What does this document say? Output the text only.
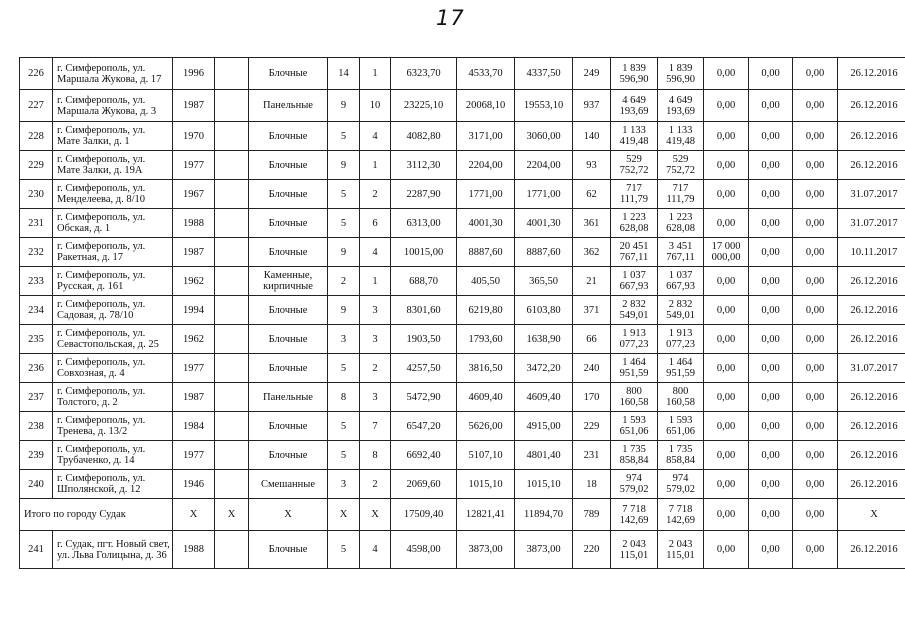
17
226	г. Симферополь, ул. Маршала Жукова, д. 17	1996		Блочные	14	1	6323,70	4533,70	4337,50	249	1 839 596,90	1 839 596,90	0,00	0,00	0,00	26.12.2016
227	г. Симферополь, ул. Маршала Жукова, д. 3	1987		Панельные	9	10	23225,10	20068,10	19553,10	937	4 649 193,69	4 649 193,69	0,00	0,00	0,00	26.12.2016
228	г. Симферополь, ул. Мате Залки, д. 1	1970		Блочные	5	4	4082,80	3171,00	3060,00	140	1 133 419,48	1 133 419,48	0,00	0,00	0,00	26.12.2016
229	г. Симферополь, ул. Мате Залки, д. 19А	1977		Блочные	9	1	3112,30	2204,00	2204,00	93	529 752,72	529 752,72	0,00	0,00	0,00	26.12.2016
230	г. Симферополь, ул. Менделеева, д. 8/10	1967		Блочные	5	2	2287,90	1771,00	1771,00	62	717 111,79	717 111,79	0,00	0,00	0,00	31.07.2017
231	г. Симферополь, ул. Обская, д. 1	1988		Блочные	5	6	6313,00	4001,30	4001,30	361	1 223 628,08	1 223 628,08	0,00	0,00	0,00	31.07.2017
232	г. Симферополь, ул. Ракетная, д. 17	1987		Блочные	9	4	10015,00	8887,60	8887,60	362	20 451 767,11	3 451 767,11	17 000 000,00	0,00	0,00	10.11.2017
233	г. Симферополь, ул. Русская, д. 161	1962		Каменные, кирпичные	2	1	688,70	405,50	365,50	21	1 037 667,93	1 037 667,93	0,00	0,00	0,00	26.12.2016
234	г. Симферополь, ул. Садовая, д. 78/10	1994		Блочные	9	3	8301,60	6219,80	6103,80	371	2 832 549,01	2 832 549,01	0,00	0,00	0,00	26.12.2016
235	г. Симферополь, ул. Севастопольская, д. 25	1962		Блочные	3	3	1903,50	1793,60	1638,90	66	1 913 077,23	1 913 077,23	0,00	0,00	0,00	26.12.2016
236	г. Симферополь, ул. Совхозная, д. 4	1977		Блочные	5	2	4257,50	3816,50	3472,20	240	1 464 951,59	1 464 951,59	0,00	0,00	0,00	31.07.2017
237	г. Симферополь, ул. Толстого, д. 2	1987		Панельные	8	3	5472,90	4609,40	4609,40	170	800 160,58	800 160,58	0,00	0,00	0,00	26.12.2016
238	г. Симферополь, ул. Тренева, д. 13/2	1984		Блочные	5	7	6547,20	5626,00	4915,00	229	1 593 651,06	1 593 651,06	0,00	0,00	0,00	26.12.2016
239	г. Симферополь, ул. Трубаченко, д. 14	1977		Блочные	5	8	6692,40	5107,10	4801,40	231	1 735 858,84	1 735 858,84	0,00	0,00	0,00	26.12.2016
240	г. Симферополь, ул. Шполянской, д. 12	1946		Смешанные	3	2	2069,60	1015,10	1015,10	18	974 579,02	974 579,02	0,00	0,00	0,00	26.12.2016
Итого по городу Судак		X	X	X	X	X	17509,40	12821,41	11894,70	789	7 718 142,69	7 718 142,69	0,00	0,00	0,00	X
241	г. Судак, пгт. Новый свет, ул. Льва Голицына, д. 36	1988		Блочные	5	4	4598,00	3873,00	3873,00	220	2 043 115,01	2 043 115,01	0,00	0,00	0,00	26.12.2016
